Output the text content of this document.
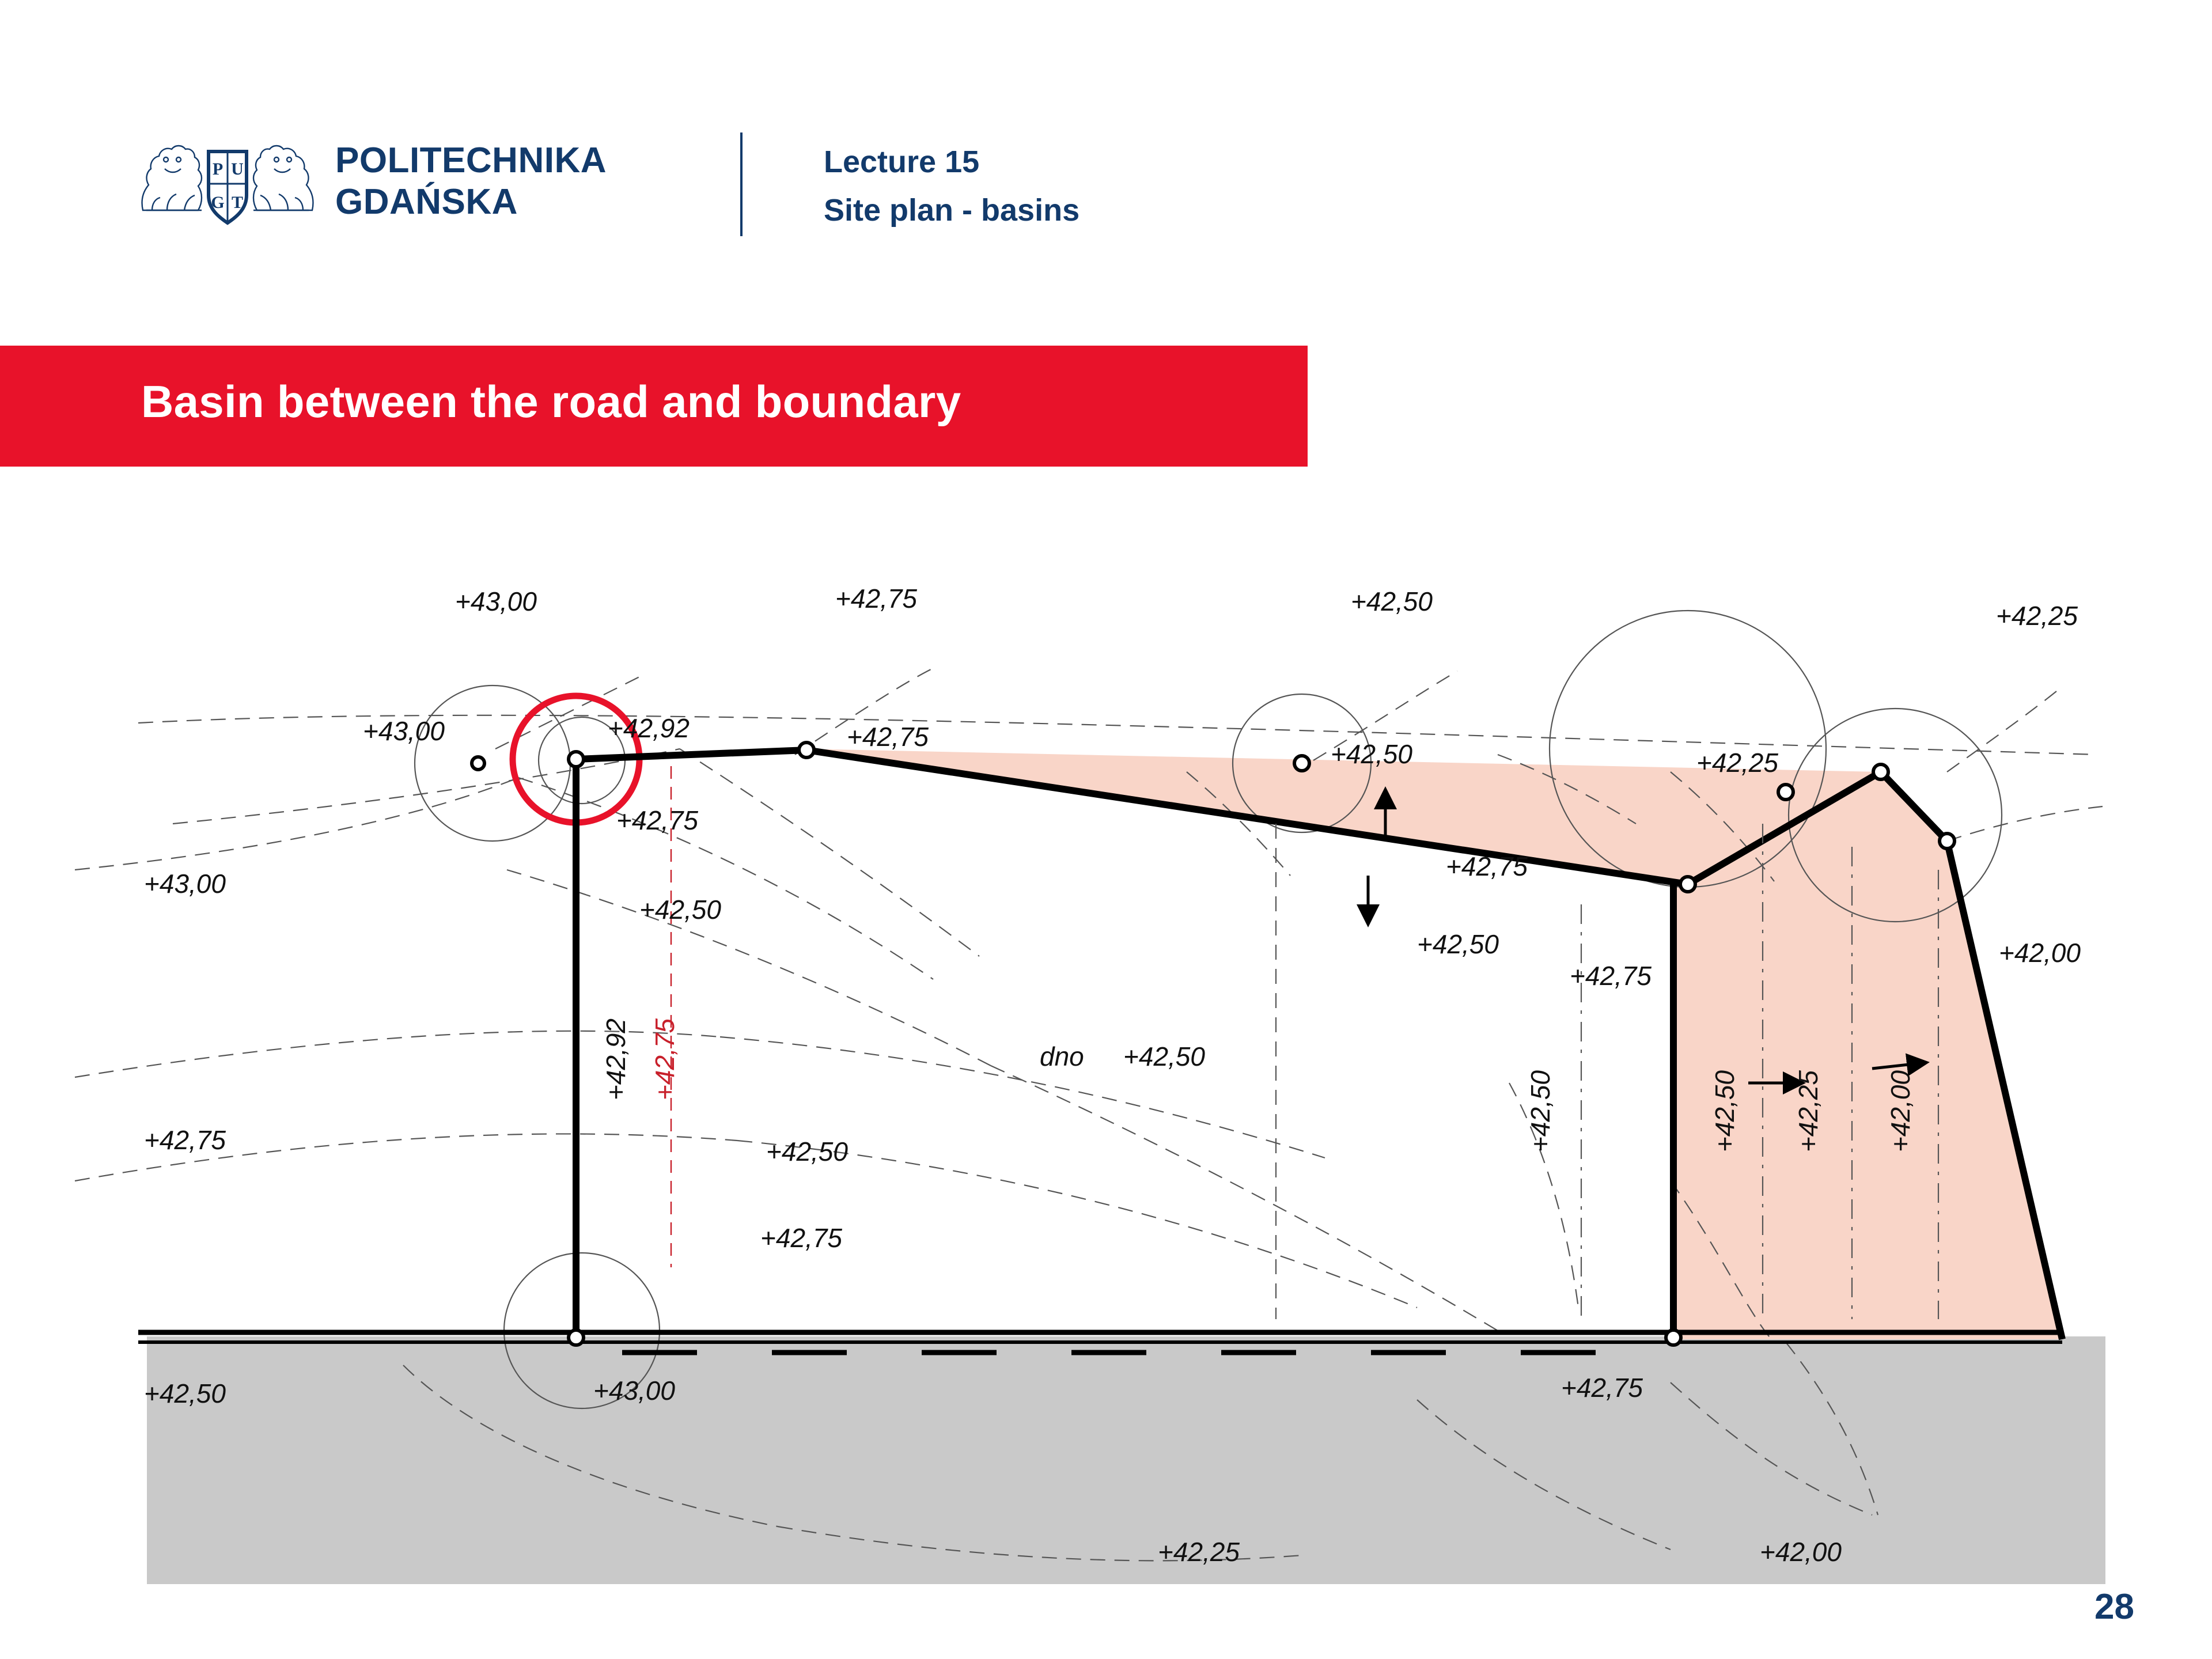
P U
G T
POLITECHNIKA
GDAŃSKA
Lecture 15
Site plan - basins
Basin between the road and boundary
+43,00	+42,75	+42,50	+42,25
+43,00	+42,92	+42,75
+42,50	+42,25
+42,75
+43,00
+42,50
+42,75
+42,50
+42,75
+42,00
dno +42,50
+42,75	+42,50
+42,75
+42,50	+43,00	+42,75
+42,25	+42,00
+42,92
+42,50	+42,50 +42,25 +42,00
+42,75
28
